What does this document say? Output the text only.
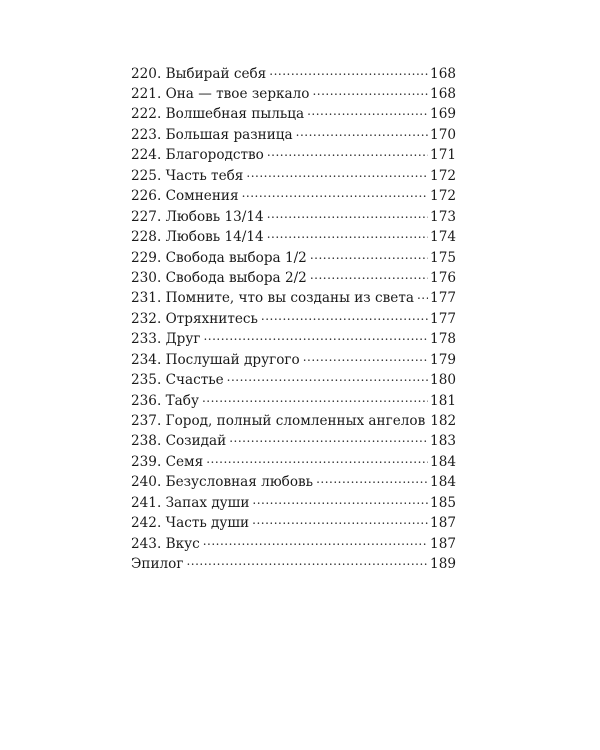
220. Выбирай себя .....	168
221. Она — твое зеркало .....	168
222. Волшебная пыльца .....	169
223. Большая разница .....	170
224. Благородство .....	171
225. Часть тебя .....	172
226. Сомнения .....	172
227. Любовь 13/14 .....	173
228. Любовь 14/14 .....	174
229. Свобода выбора 1/2 .....	175
230. Свобода выбора 2/2 .....	176
231. Помните, что вы созданы из света ..... 177
232. Отряхнитесь .....	177
233. Друг .....	178
234. Послушай другого .....	179
235. Счастье .....	180
236. Табу .....	181
237. Город, полный сломленных ангелов 182
238. Созидай .....	183
239. Семя .....	184
240. Безусловная любовь .....	184
241. Запах души .....	185
242. Часть души .....	187
243. Вкус .....	187
Эпилог .....	189
